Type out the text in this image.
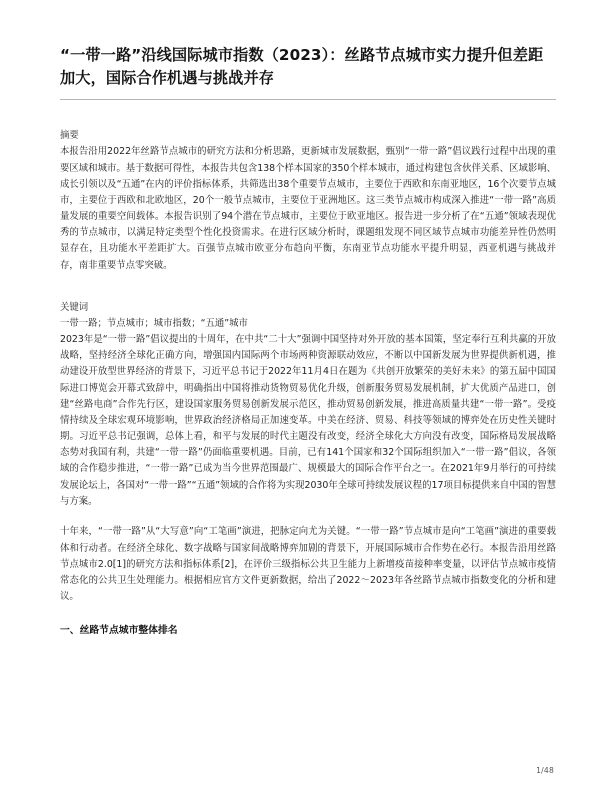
“一带一路”沿线国际城市指数（2023）：丝路节点城市实力提升但差距加大，国际合作机遇与挑战并存

摘要

本报告沿用2022年丝路节点城市的研究方法和分析思路，更新城市发展数据，甄别“一带一路”倡议践行过程中出现的重要区域和城市。基于数据可得性，本报告共包含138个样本国家的350个样本城市，通过构建包含伙伴关系、区域影响、成长引领以及“五通”在内的评价指标体系，共筛选出38个重要节点城市，主要位于西欧和东南亚地区，16个次要节点城市，主要位于西欧和北欧地区，20个一般节点城市，主要位于亚洲地区。这三类节点城市构成深入推进“一带一路”高质量发展的重要空间载体。本报告识别了94个潜在节点城市，主要位于欧亚地区。报告进一步分析了在“五通”领域表现优秀的节点城市，以满足特定类型个性化投资需求。在进行区域分析时，课题组发现不同区域节点城市功能差异性仍然明显存在，且功能水平差距扩大。百强节点城市欧亚分布趋向平衡，东南亚节点功能水平提升明显，西亚机遇与挑战并存，南非重要节点零突破。

关键词

一带一路；节点城市；城市指数；“五通”城市

2023年是“一带一路”倡议提出的十周年，在中共“二十大”强调中国坚持对外开放的基本国策，坚定奉行互利共赢的开放战略，坚持经济全球化正确方向，增强国内国际两个市场两种资源联动效应，不断以中国新发展为世界提供新机遇，推动建设开放型世界经济的背景下，习近平总书记于2022年11月4日在题为《共创开放繁荣的美好未来》的第五届中国国际进口博览会开幕式致辞中，明确指出中国将推动货物贸易优化升级，创新服务贸易发展机制，扩大优质产品进口，创建“丝路电商”合作先行区，建设国家服务贸易创新发展示范区，推动贸易创新发展，推进高质量共建“一带一路”。受疫情持续及全球宏观环境影响，世界政治经济格局正加速变革。中美在经济、贸易、科技等领域的博弈处在历史性关键时期。习近平总书记强调，总体上看，和平与发展的时代主题没有改变，经济全球化大方向没有改变，国际格局发展战略态势对我国有利，共建“一带一路”仍面临重要机遇。目前，已有141个国家和32个国际组织加入“一带一路”倡议，各领域的合作稳步推进，“一带一路”已成为当今世界范围最广、规模最大的国际合作平台之一。在2021年9月举行的可持续发展论坛上，各国对“一带一路”“五通”领域的合作将为实现2030年全球可持续发展议程的17项目标提供来自中国的智慧与方案。

十年来，“一带一路”从“大写意”向“工笔画”演进，把脉定向尤为关键。“一带一路”节点城市是向“工笔画”演进的重要载体和行动者。在经济全球化、数字战略与国家间战略博弈加剧的背景下，开展国际城市合作势在必行。本报告沿用丝路节点城市2.0[1]的研究方法和指标体系[2]，在评价三级指标公共卫生能力上新增疫苗接种率变量，以评估节点城市疫情常态化的公共卫生处理能力。根据相应官方文件更新数据，给出了2022～2023年各丝路节点城市指数变化的分析和建议。

一、丝路节点城市整体排名
1/48
